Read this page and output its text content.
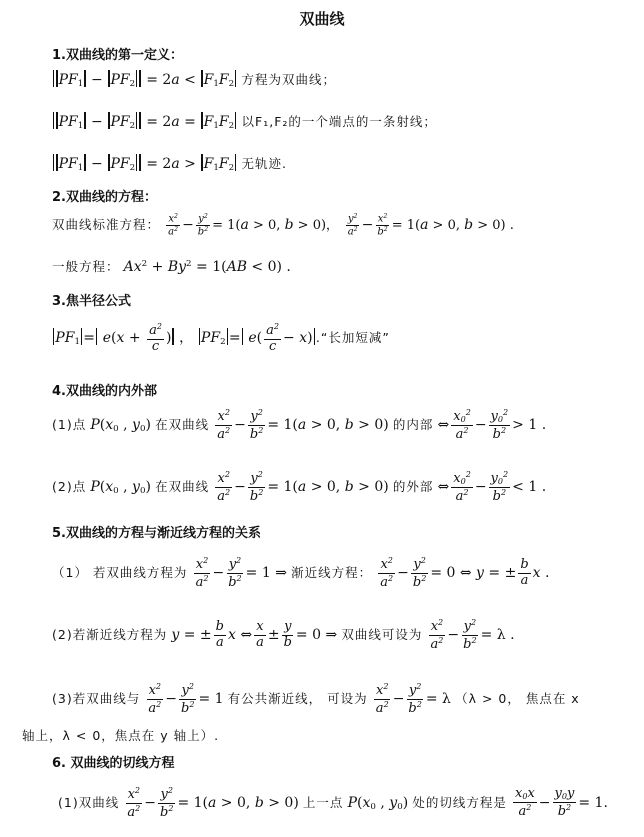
双曲线
1.双曲线的第一定义：
$PF_1 - PF_2 = 2a < F_1F_2$ 方程为双曲线；
$PF_1 - PF_2 = 2a = F_1F_2$ 以F₁,F₂的一个端点的一条射线；
$PF_1 - PF_2 = 2a > F_1F_2$ 无轨迹.
2.双曲线的方程：
双曲线标准方程： $\frac{x^2}{a^2} - \frac{y^2}{b^2} = 1(a > 0$, b > 0)， $\frac{y^2}{a^2} - \frac{x^2}{b^2} = 1(a > 0$, b > 0) .
一般方程： $Ax^2 + By^2 = 1(AB < 0)$ .
3.焦半径公式
$PF_1 = e(x + \frac{a^2}{c}$ ) ， $PF_2 = e( \frac{a^2}{c} - x)$ .“长加短减”
4.双曲线的内外部
(1)点 $P(x_0$ , $y_0$) 在双曲线 $\frac{x^2}{a^2} - \frac{y^2}{b^2} = 1(a > 0$, b > 0) 的内部 ⇔ $\frac{x_0^2}{a^2} - \frac{y_0^2}{b^2} > 1$ .
(2)点 $P(x_0$ , $y_0$) 在双曲线 $\frac{x^2}{a^2} - \frac{y^2}{b^2} = 1(a > 0$, b > 0) 的外部 ⇔ $\frac{x_0^2}{a^2} - \frac{y_0^2}{b^2} < 1$ .
5.双曲线的方程与渐近线方程的关系
（1） 若双曲线方程为 $\frac{x^2}{a^2} - \frac{y^2}{b^2} = 1$ ⇒ 渐近线方程： $\frac{x^2}{a^2} - \frac{y^2}{b^2} = 0$ ⇔ y = ± $\frac{b}{a}$ x .
(2)若渐近线方程为 y = ± $\frac{b}{a}$ x ⇔ $\frac{x}{a} \pm \frac{y}{b} = 0$ ⇒ 双曲线可设为 $\frac{x^2}{a^2} - \frac{y^2}{b^2} = \lambda$ .
(3)若双曲线与 $\frac{x^2}{a^2} - \frac{y^2}{b^2} = 1$ 有公共渐近线， 可设为 $\frac{x^2}{a^2} - \frac{y^2}{b^2} = \lambda$ （λ > 0， 焦点在 x
轴上，λ < 0，焦点在 y 轴上）.
6. 双曲线的切线方程
(1)双曲线 $\frac{x^2}{a^2} - \frac{y^2}{b^2} = 1(a > 0$, b > 0) 上一点 $P(x_0$ , $y_0$) 处的切线方程是 $\frac{x_0x}{a^2} - \frac{y_0y}{b^2} = 1$.
